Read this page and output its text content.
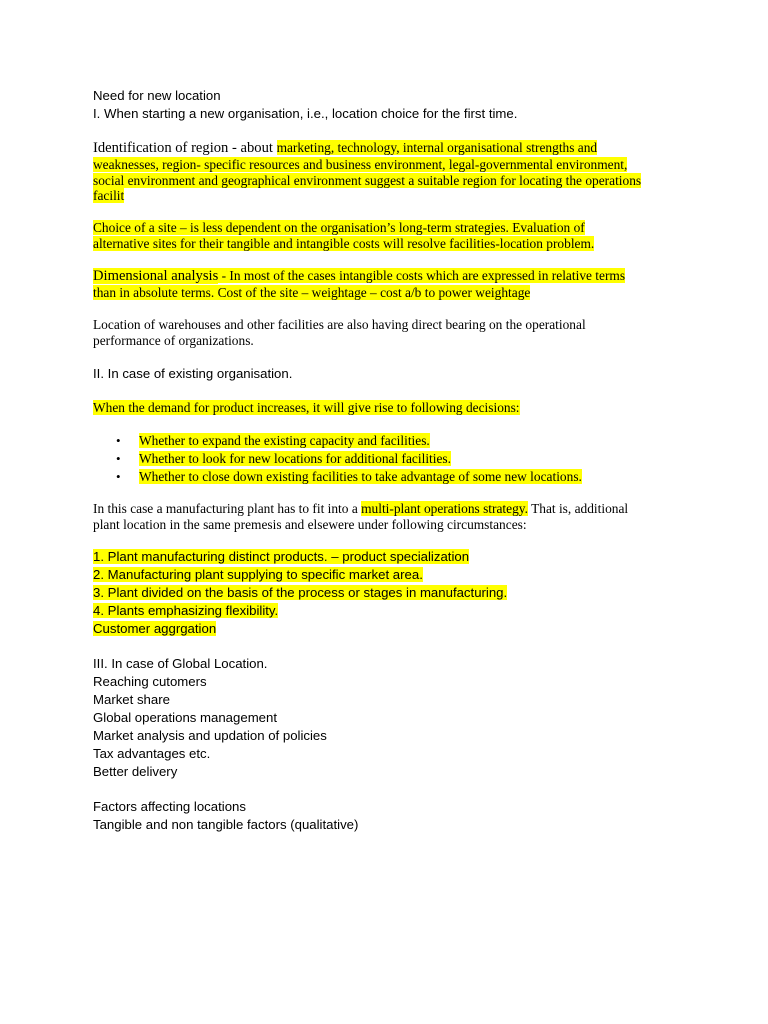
Need for new location
I. When starting a new organisation, i.e., location choice for the first time.
Identification of region - about marketing, technology, internal organisational strengths and
weaknesses, region- specific resources and business environment, legal-governmental environment,
social environment and geographical environment suggest a suitable region for locating the operations
facilit
Choice of a site – is less dependent on the organisation’s long-term strategies. Evaluation of
alternative sites for their tangible and intangible costs will resolve facilities-location problem.
Dimensional analysis - In most of the cases intangible costs which are expressed in relative terms
than in absolute terms. Cost of the site – weightage – cost a/b to power weightage
Location of warehouses and other facilities are also having direct bearing on the operational
performance of organizations.
II. In case of existing organisation.
When the demand for product increases, it will give rise to following decisions:
• Whether to expand the existing capacity and facilities.
• Whether to look for new locations for additional facilities.
• Whether to close down existing facilities to take advantage of some new locations.
In this case a manufacturing plant has to fit into a multi-plant operations strategy. That is, additional
plant location in the same premesis and elsewere under following circumstances:
1. Plant manufacturing distinct products. – product specialization
2. Manufacturing plant supplying to specific market area.
3. Plant divided on the basis of the process or stages in manufacturing.
4. Plants emphasizing flexibility.
Customer aggrgation
III. In case of Global Location.
Reaching cutomers
Market share
Global operations management
Market analysis and updation of policies
Tax advantages etc.
Better delivery
Factors affecting locations
Tangible and non tangible factors (qualitative)
